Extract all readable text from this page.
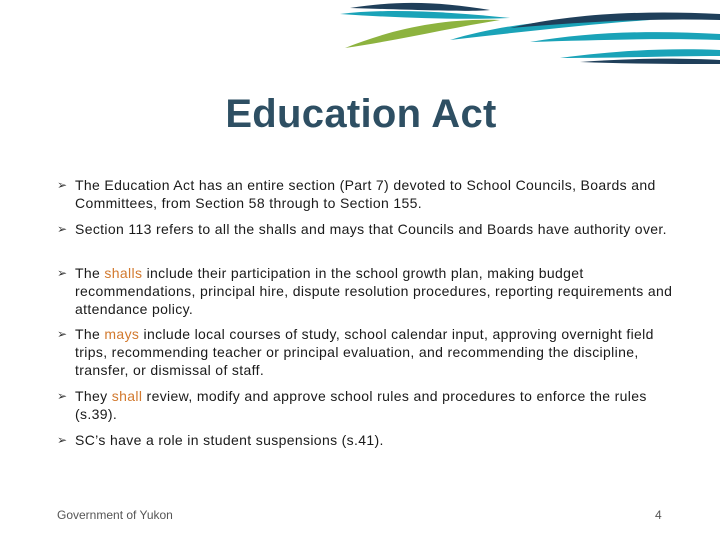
Education Act
➢ The Education Act has an entire section (Part 7) devoted to School Councils, Boards and Committees, from Section 58 through to Section 155.
➢ Section 113 refers to all the shalls and mays that Councils and Boards have authority over.
➢ The shalls include their participation in the school growth plan, making budget recommendations, principal hire, dispute resolution procedures, reporting requirements and attendance policy.
➢ The mays include local courses of study, school calendar input, approving overnight field trips, recommending teacher or principal evaluation, and recommending the discipline, transfer, or dismissal of staff.
➢ They shall review, modify and approve school rules and procedures to enforce the rules (s.39).
➢ SC’s have a role in student suspensions (s.41).
Government of Yukon	4
